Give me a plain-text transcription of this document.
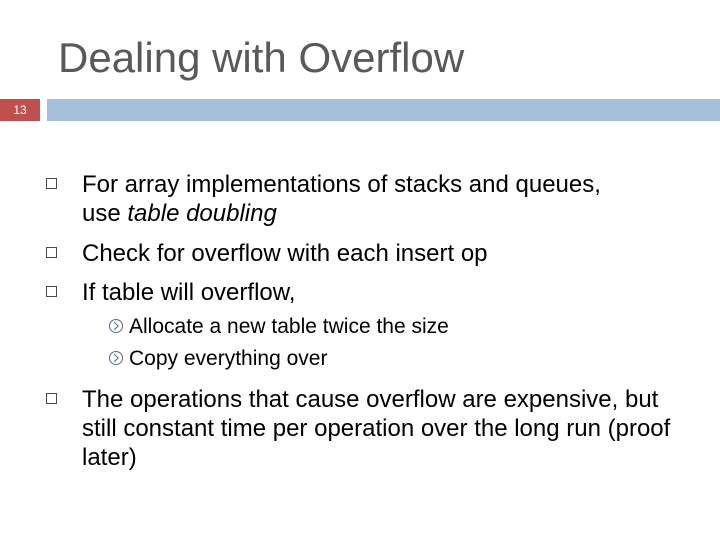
Dealing with Overflow
13
For array implementations of stacks and queues, use table doubling
Check for overflow with each insert op
If table will overflow,
Allocate a new table twice the size
Copy everything over
The operations that cause overflow are expensive, but still constant time per operation over the long run (proof later)
